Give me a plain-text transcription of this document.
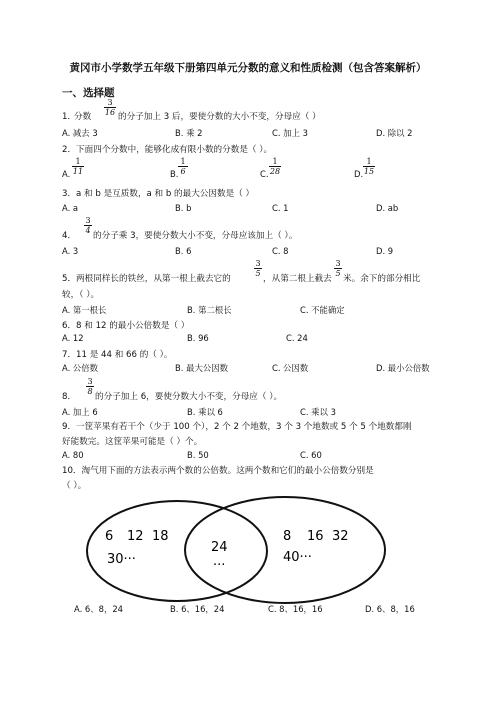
黄冈市小学数学五年级下册第四单元分数的意义和性质检测（包含答案解析）
一、选择题
1．
分数
3
16 的分子加上 3 后，要使分数的大小不变，分母应（ ）
A. 减去 3	B. 乘 2	C. 加上 3	D. 除以 2
2．下面四个分数中，能够化成有限小数的分数是（ ）。
A.
1
11	B.
1
6	C.
1
28	D.
1
15
3．a 和 b 是互质数，a 和 b 的最大公因数是（ ）
A. a	B. b	C. 1	D. ab
4．
3
4
的分子乘 3，要使分数大小不变，分母应该加上（ ）。
A. 3	B. 6	C. 8	D. 9
5．两根同样长的铁丝，从第一根上截去它的
3
5
，从第二根上截去
3
5
米。余下的部分相比
较，（ ）。
A. 第一根长	B. 第二根长	C. 不能确定
6．8 和 12 的最小公倍数是（ ）
A. 12	B. 96	C. 24
7．11 是 44 和 66 的（ ）。
A. 公倍数	B. 最大公因数	C. 公因数	D. 最小公倍数
8．
3
8
的分子加上 6，要使分数大小不变，分母应（ ）。
A. 加上 6	B. 乘以 6	C. 乘以 3
9．一筐苹果有若干个（少于 100 个），2 个 2 个地数，3 个 3 个地数或 5 个 5 个地数都刚
好能数完。这筐苹果可能是（ ）个。
A. 80	B. 50	C. 60
10．淘气用下面的方法表示两个数的公倍数。这两个数和它们的最小公倍数分别是
（ ）。
6 12 18
30···
24
···
8 16 32
40···
A. 6、8，24	B. 6、16，24	C. 8、16，16	D. 6、8，16
